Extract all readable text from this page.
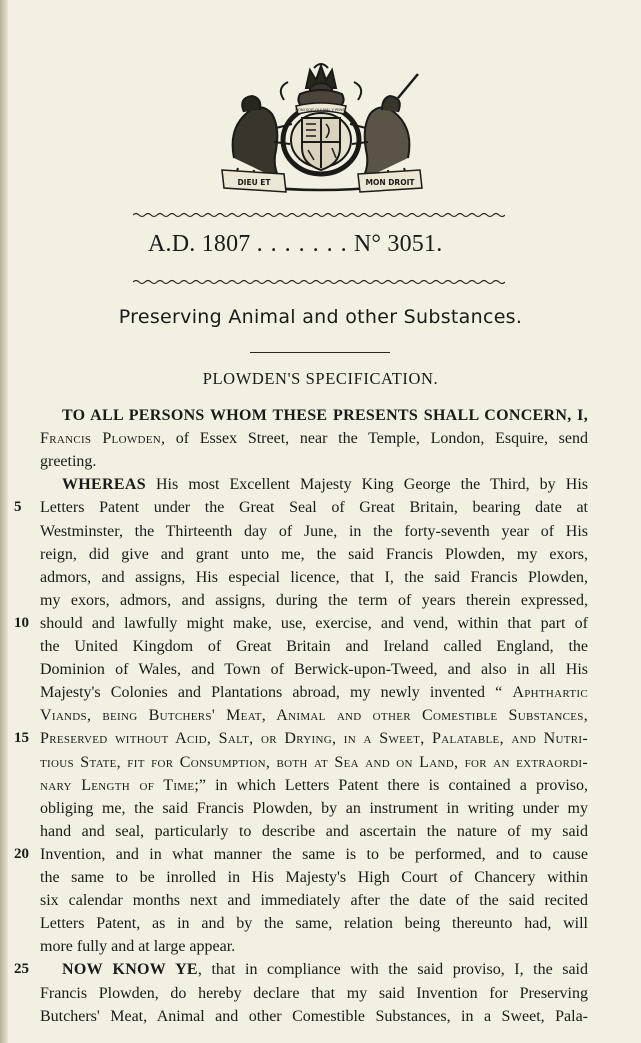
DIEU ET	MON DROIT
HONI SOIT QUI MAL Y PENSE
A.D. 1807 . . . . . . . N° 3051.
Preserving Animal and other Substances.
PLOWDEN'S SPECIFICATION.
TO ALL PERSONS WHOM THESE PRESENTS SHALL CONCERN, I,
Francis Plowden, of Essex Street, near the Temple, London, Esquire, send
greeting.
WHEREAS His most Excellent Majesty King George the Third, by His
Letters Patent under the Great Seal of Great Britain, bearing date at
Westminster, the Thirteenth day of June, in the forty-seventh year of His
reign, did give and grant unto me, the said Francis Plowden, my exors,
admors, and assigns, His especial licence, that I, the said Francis Plowden,
my exors, admors, and assigns, during the term of years therein expressed,
should and lawfully might make, use, exercise, and vend, within that part of
the United Kingdom of Great Britain and Ireland called England, the
Dominion of Wales, and Town of Berwick-upon-Tweed, and also in all His
Majesty's Colonies and Plantations abroad, my newly invented “ Aphthartic
Viands, being Butchers' Meat, Animal and other Comestible Substances,
Preserved without Acid, Salt, or Drying, in a Sweet, Palatable, and Nutri-
tious State, fit for Consumption, both at Sea and on Land, for an extraordi-
nary Length of Time;” in which Letters Patent there is contained a proviso,
obliging me, the said Francis Plowden, by an instrument in writing under my
hand and seal, particularly to describe and ascertain the nature of my said
Invention, and in what manner the same is to be performed, and to cause
the same to be inrolled in His Majesty's High Court of Chancery within
six calendar months next and immediately after the date of the said recited
Letters Patent, as in and by the same, relation being thereunto had, will
more fully and at large appear.
NOW KNOW YE, that in compliance with the said proviso, I, the said
Francis Plowden, do hereby declare that my said Invention for Preserving
Butchers' Meat, Animal and other Comestible Substances, in a Sweet, Pala-
5
10
15
20
25
